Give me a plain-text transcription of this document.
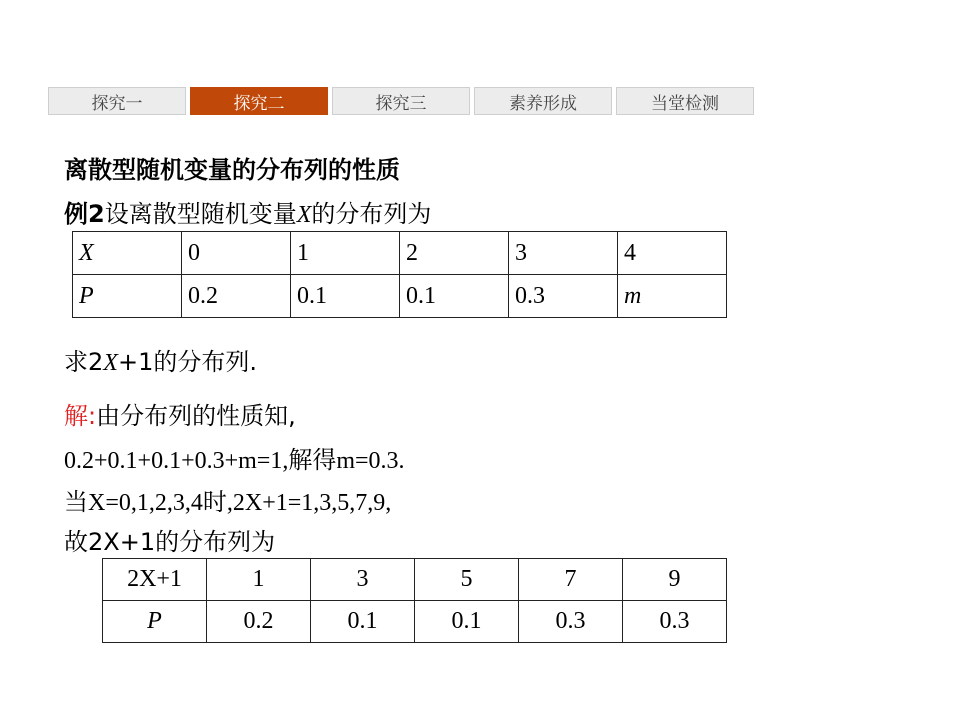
探究一	探究二	探究三	素养形成	当堂检测
离散型随机变量的分布列的性质
例2设离散型随机变量X的分布列为
X	0	1	2	3	4
P	0.2	0.1	0.1	0.3	m
求2X+1的分布列.
解:由分布列的性质知,
0.2+0.1+0.1+0.3+m=1,解得m=0.3.
当X=0,1,2,3,4时,2X+1=1,3,5,7,9,
故2X+1的分布列为
2X+1	1	3	5	7	9
P	0.2	0.1	0.1	0.3	0.3
